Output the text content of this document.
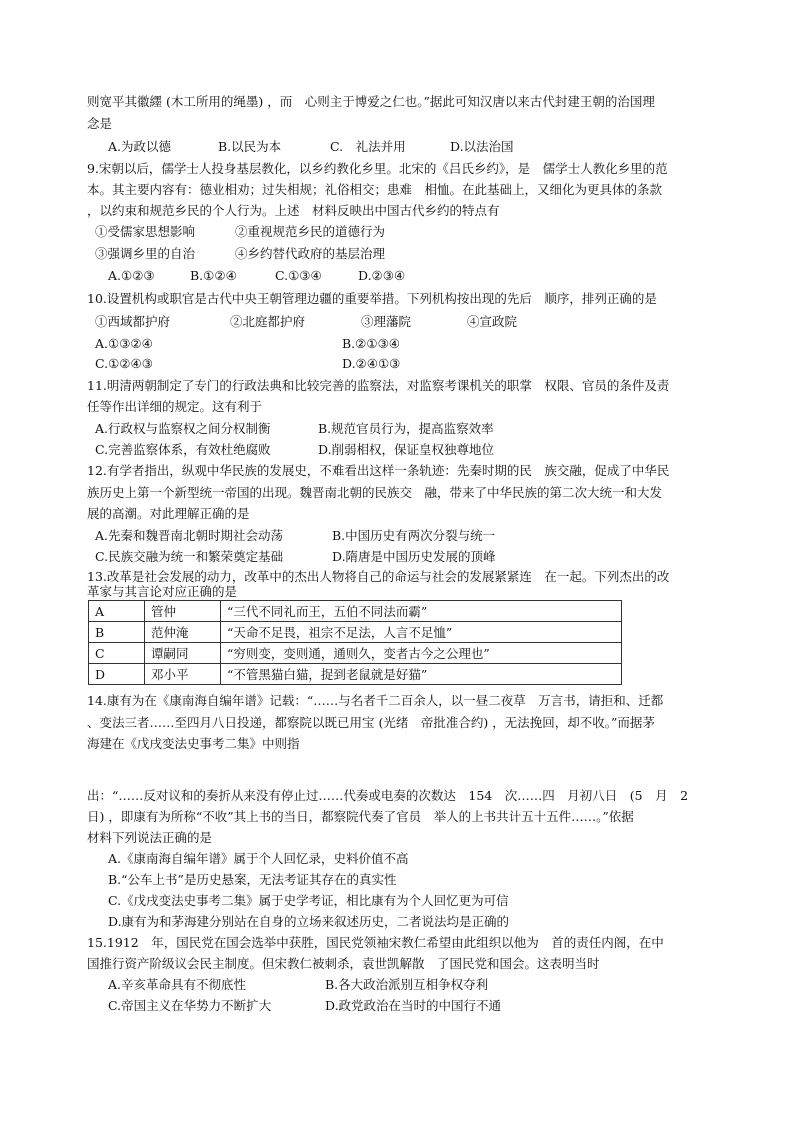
则宽平其徽纆 (木工所用的绳墨) ，而　心则主于博爱之仁也。”据此可知汉唐以来古代封建王朝的治国理
念是
A.为政以德	B.以民为本	C.　礼法并用	D.以法治国
9.宋朝以后，儒学士人投身基层教化，以乡约教化乡里。北宋的《吕氏乡约》，是　儒学士人教化乡里的范
本。其主要内容有：德业相劝；过失相规；礼俗相交；患难　相恤。在此基础上，又细化为更具体的条款
，以约束和规范乡民的个人行为。上述　材料反映出中国古代乡约的特点有
①受儒家思想影响	②重视规范乡民的道德行为
③强调乡里的自治	④乡约替代政府的基层治理
A.①②③	B.①②④	C.①③④	D.②③④
10.设置机构或职官是古代中央王朝管理边疆的重要举措。下列机构按出现的先后　顺序，排列正确的是
①西域都护府	②北庭都护府	③理藩院	④宣政院
A.①③②④	B.②①③④
C.①②④③	D.②④①③
11.明清两朝制定了专门的行政法典和比较完善的监察法，对监察考课机关的职掌　权限、官员的条件及责
任等作出详细的规定。这有利于
A.行政权与监察权之间分权制衡	B.规范官员行为，提高监察效率
C.完善监察体系，有效杜绝腐败	D.削弱相权，保证皇权独尊地位
12.有学者指出，纵观中华民族的发展史，不难看出这样一条轨迹：先秦时期的民　族交融，促成了中华民
族历史上第一个新型统一帝国的出现。魏晋南北朝的民族交　融，带来了中华民族的第二次大统一和大发
展的高潮。对此理解正确的是
A.先秦和魏晋南北朝时期社会动荡	B.中国历史有两次分裂与统一
C.民族交融为统一和繁荣奠定基础	D.隋唐是中国历史发展的顶峰
13.改革是社会发展的动力，改革中的杰出人物将自己的命运与社会的发展紧紧连　在一起。下列杰出的改
革家与其言论对应正确的是
A	管仲	“三代不同礼而王，五伯不同法而霸”
B	范仲淹	“天命不足畏，祖宗不足法，人言不足恤”
C	谭嗣同	“穷则变，变则通，通则久，变者古今之公理也”
D	邓小平	“不管黑猫白猫，捉到老鼠就是好猫”
14.康有为在《康南海自编年谱》记载：“……与名者千二百余人，以一昼二夜草　万言书，请拒和、迁都
、变法三者……至四月八日投递，都察院以既已用宝 (光绪　帝批准合约) ，无法挽回，却不收。”而据茅
海建在《戊戌变法史事考二集》中则指
出：“……反对议和的奏折从来没有停止过……代奏或电奏的次数达　154　次……四　月初八日　(5　月　2
日) ，即康有为所称“不收”其上书的当日，都察院代奏了官员　举人的上书共计五十五件……。”依据
材料下列说法正确的是
A.《康南海自编年谱》属于个人回忆录，史料价值不高
B.“公车上书”是历史悬案，无法考证其存在的真实性
C.《戊戌变法史事考二集》属于史学考证，相比康有为个人回忆更为可信
D.康有为和茅海建分别站在自身的立场来叙述历史，二者说法均是正确的
15.1912　年，国民党在国会选举中获胜，国民党领袖宋教仁希望由此组织以他为　首的责任内阁，在中
国推行资产阶级议会民主制度。但宋教仁被刺杀，袁世凯解散　了国民党和国会。这表明当时
A.辛亥革命具有不彻底性	B.各大政治派别互相争权夺利
C.帝国主义在华势力不断扩大	D.政党政治在当时的中国行不通
